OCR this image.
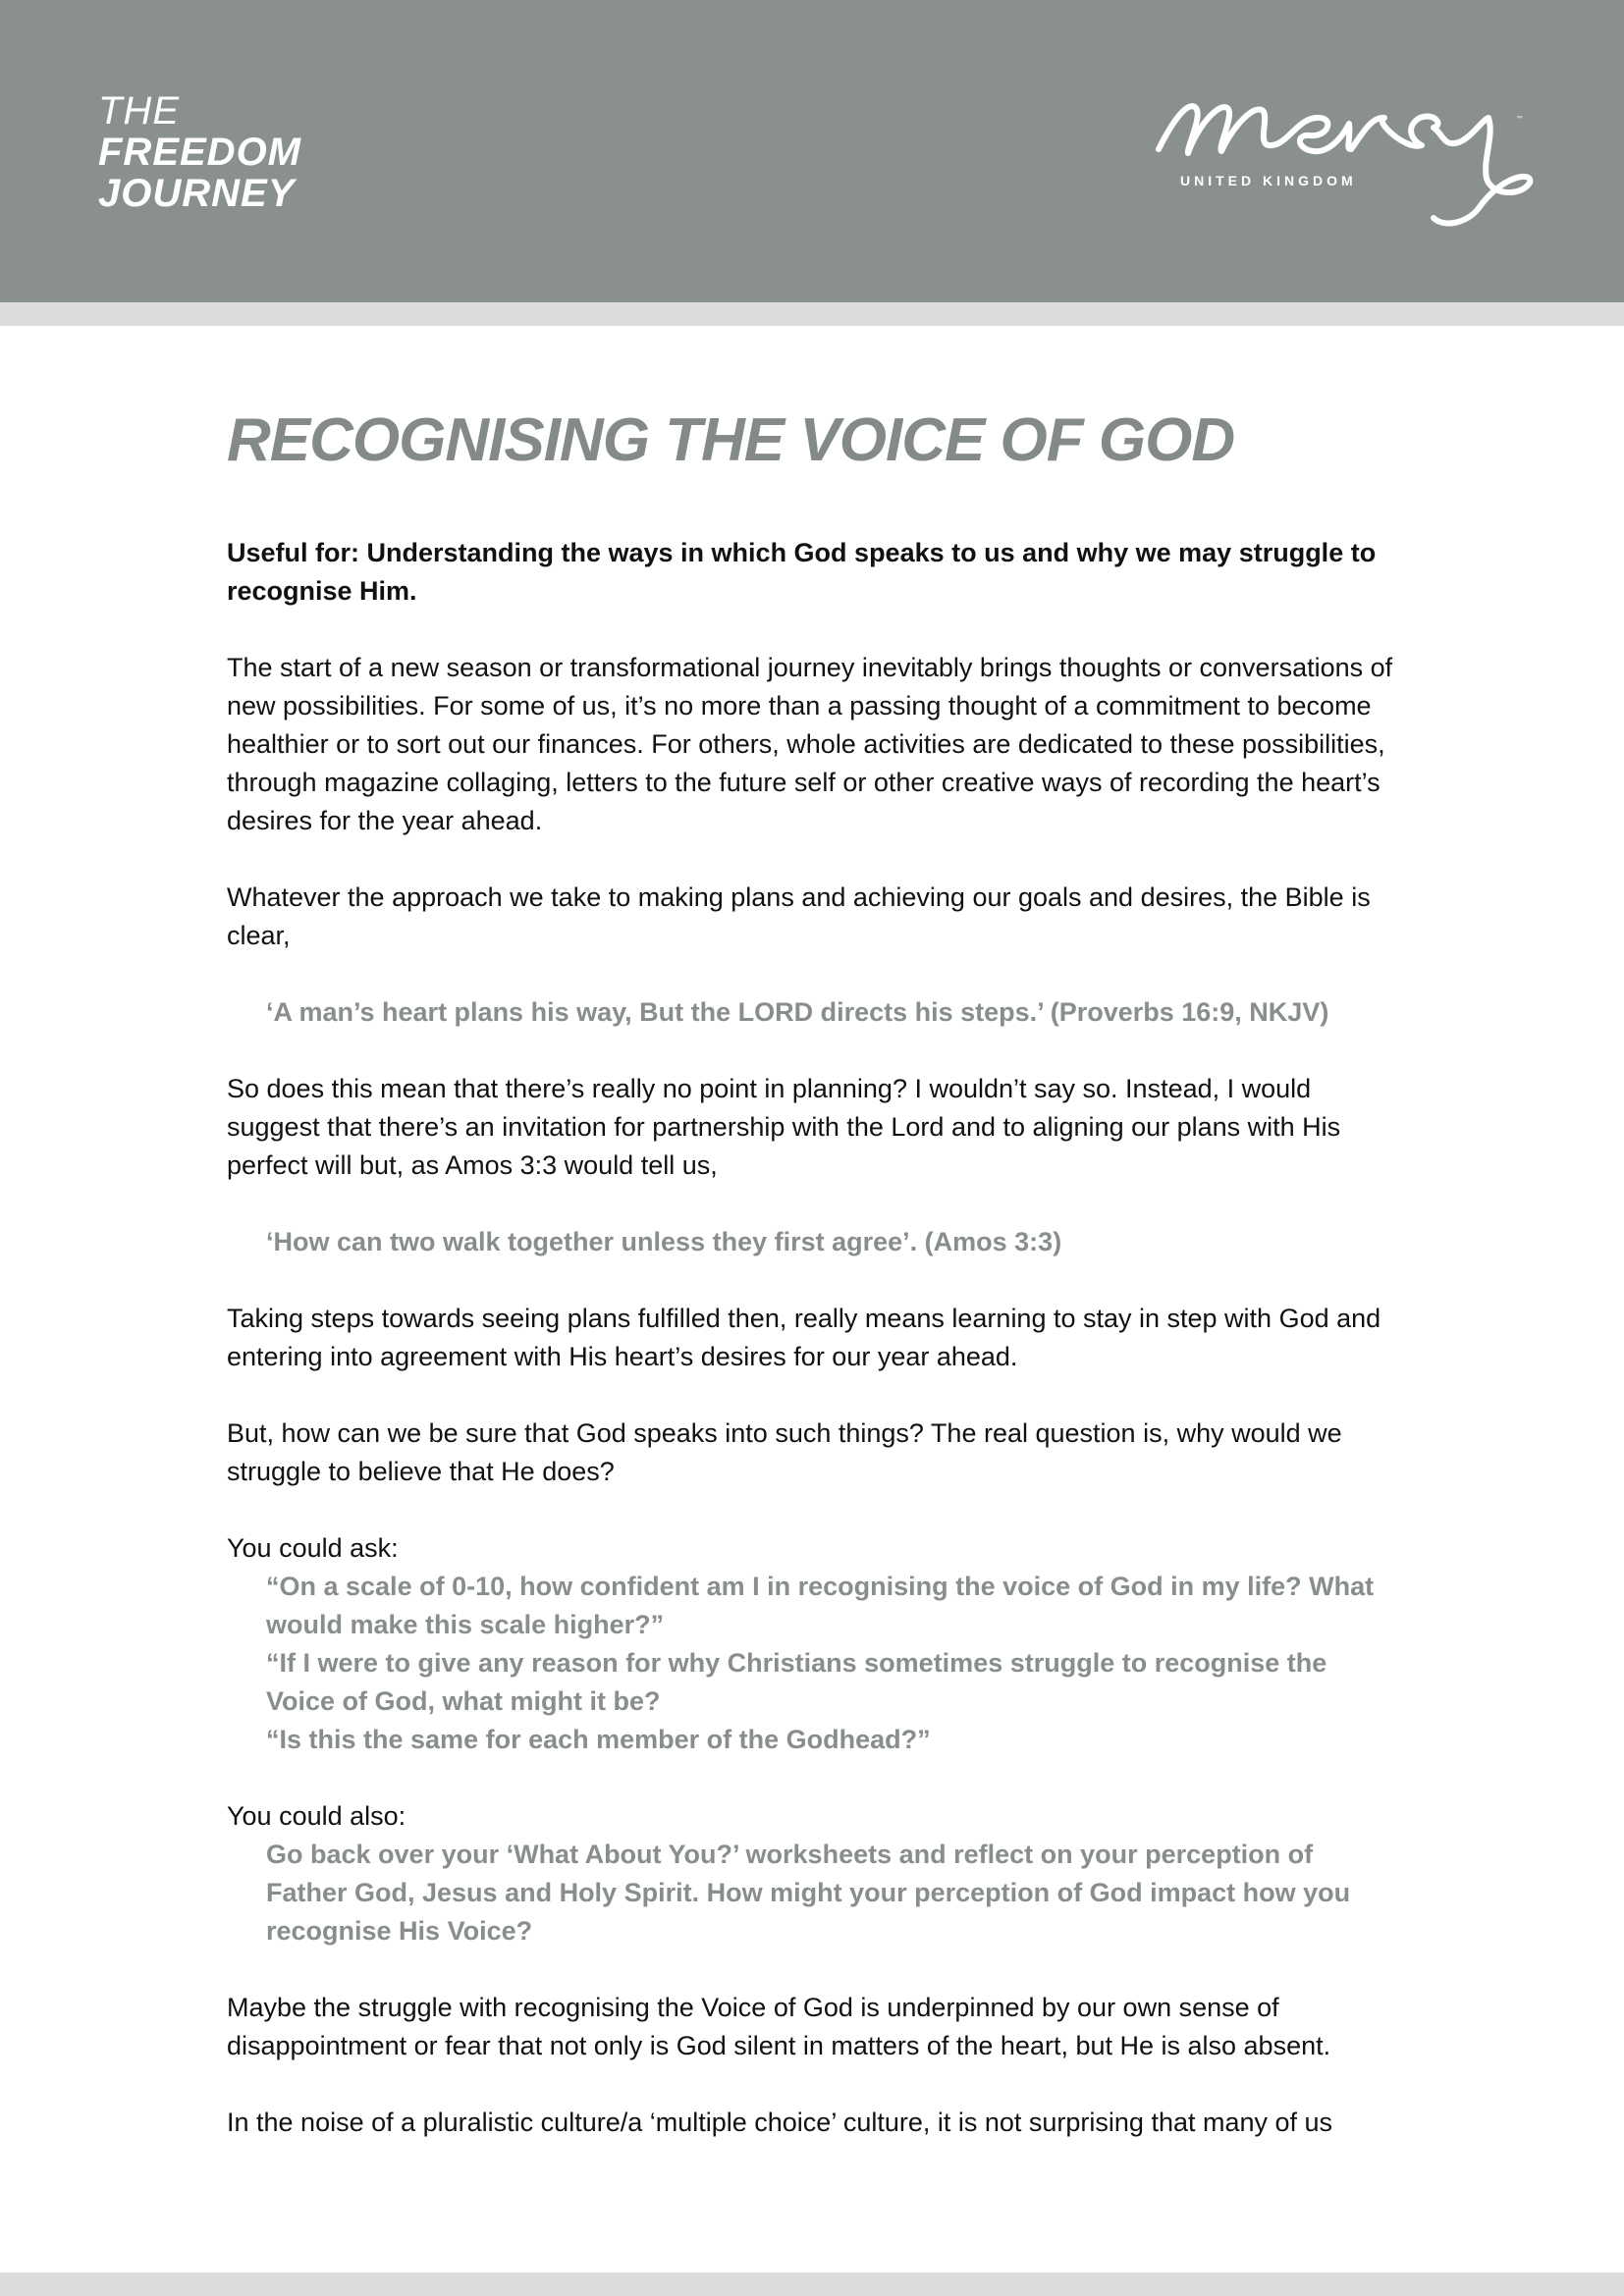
THE
FREEDOM
JOURNEY
™
UNITED KINGDOM
RECOGNISING THE VOICE OF GOD
Useful for: Understanding the ways in which God speaks to us and why we may struggle to recognise Him.
The start of a new season or transformational journey inevitably brings thoughts or conversations of new possibilities. For some of us, it’s no more than a passing thought of a commitment to become healthier or to sort out our finances. For others, whole activities are dedicated to these possibilities, through magazine collaging, letters to the future self or other creative ways of recording the heart’s desires for the year ahead.
Whatever the approach we take to making plans and achieving our goals and desires, the Bible is clear,
‘A man’s heart plans his way, But the LORD directs his steps.’ (Proverbs 16:9, NKJV)
So does this mean that there’s really no point in planning? I wouldn’t say so. Instead, I would suggest that there’s an invitation for partnership with the Lord and to aligning our plans with His perfect will but, as Amos 3:3 would tell us,
‘How can two walk together unless they first agree’. (Amos 3:3)
Taking steps towards seeing plans fulfilled then, really means learning to stay in step with God and entering into agreement with His heart’s desires for our year ahead.
But, how can we be sure that God speaks into such things? The real question is, why would we struggle to believe that He does?
You could ask:
“On a scale of 0-10, how confident am I in recognising the voice of God in my life? What would make this scale higher?”
“If I were to give any reason for why Christians sometimes struggle to recognise the Voice of God, what might it be?
“Is this the same for each member of the Godhead?”
You could also:
Go back over your ‘What About You?’ worksheets and reflect on your perception of Father God, Jesus and Holy Spirit. How might your perception of God impact how you recognise His Voice?
Maybe the struggle with recognising the Voice of God is underpinned by our own sense of disappointment or fear that not only is God silent in matters of the heart, but He is also absent.
In the noise of a pluralistic culture/a ‘multiple choice’ culture, it is not surprising that many of us
